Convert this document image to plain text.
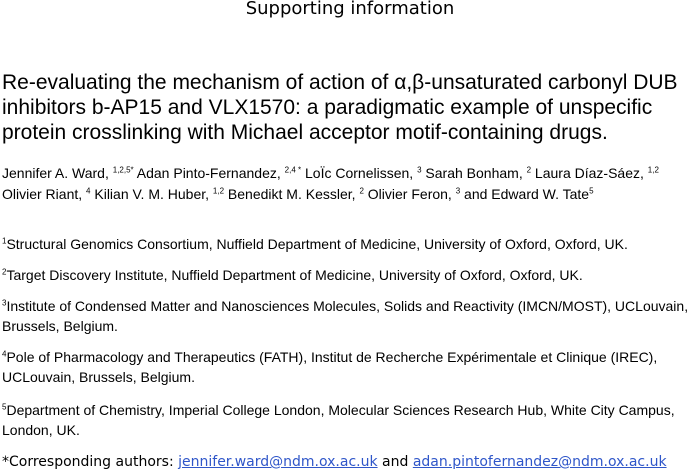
Supporting information
Re-evaluating the mechanism of action of α,β-unsaturated carbonyl DUB inhibitors b-AP15 and VLX1570: a paradigmatic example of unspecific protein crosslinking with Michael acceptor motif-containing drugs.
Jennifer A. Ward, $^{1,2,5*}$ Adan Pinto-Fernandez, $^{2,4 *}$ LoÏc Cornelissen, $^3$ Sarah Bonham, $^2$ Laura Díaz-Sáez, $^{1,2}$ Olivier Riant, $^4$ Kilian V. M. Huber, $^{1,2}$ Benedikt M. Kessler, $^2$ Olivier Feron, $^3$ and Edward W. Tate$^5$
$^1$Structural Genomics Consortium, Nuffield Department of Medicine, University of Oxford, Oxford, UK.
$^2$Target Discovery Institute, Nuffield Department of Medicine, University of Oxford, Oxford, UK.
$^3$Institute of Condensed Matter and Nanosciences Molecules, Solids and Reactivity (IMCN/MOST), UCLouvain, Brussels, Belgium.
$^4$Pole of Pharmacology and Therapeutics (FATH), Institut de Recherche Expérimentale et Clinique (IREC), UCLouvain, Brussels, Belgium.
$^5$Department of Chemistry, Imperial College London, Molecular Sciences Research Hub, White City Campus, London, UK.
*Corresponding authors: jennifer.ward@ndm.ox.ac.uk and adan.pintofernandez@ndm.ox.ac.uk
